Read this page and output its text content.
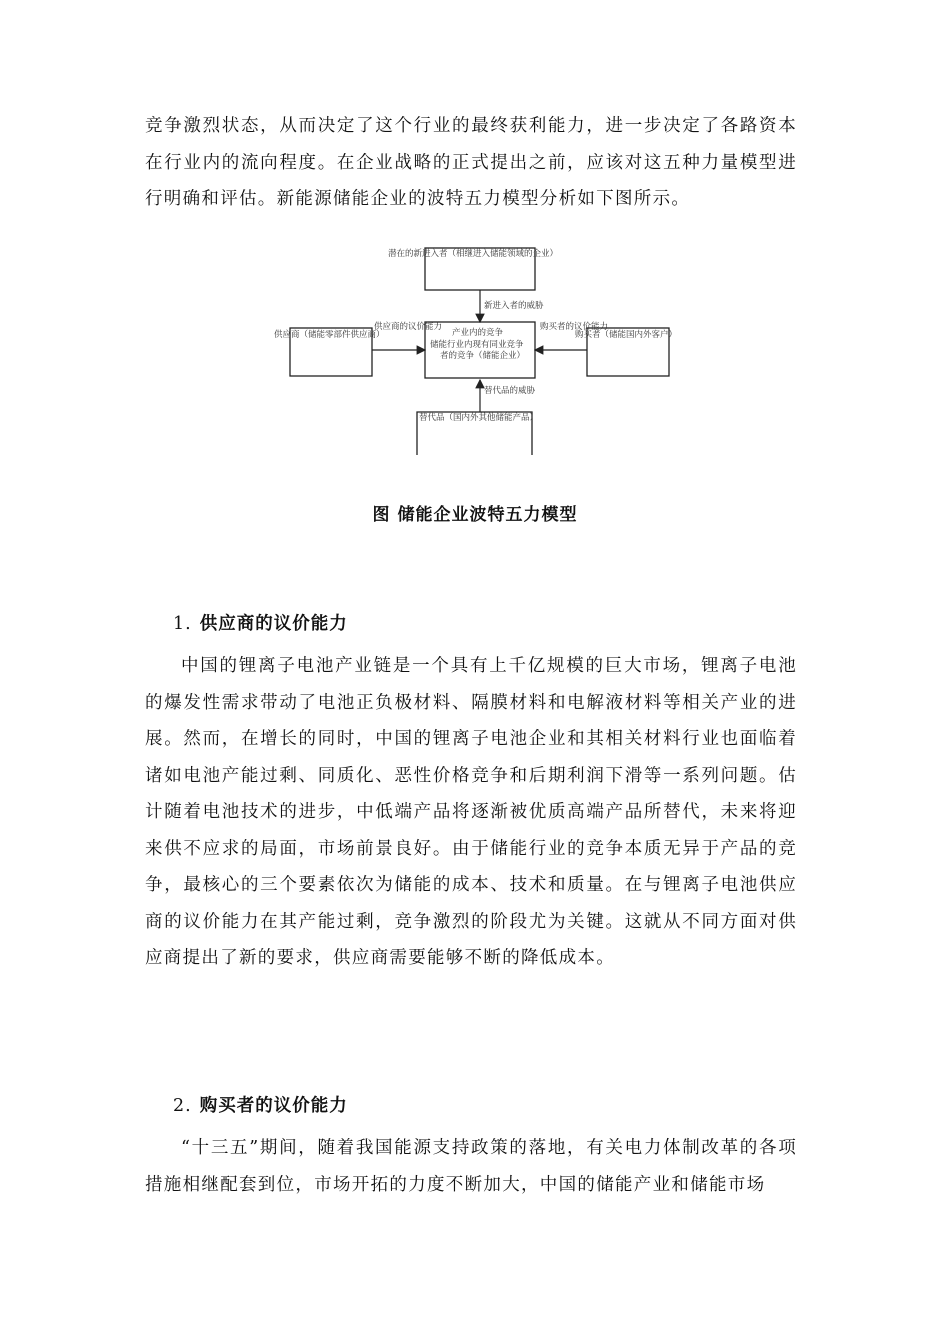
竞争激烈状态，从而决定了这个行业的最终获利能力，进一步决定了各路资本在行业内的流向程度。在企业战略的正式提出之前，应该对这五种力量模型进行明确和评估。新能源储能企业的波特五力模型分析如下图所示。

潜在的新进入者（相继进入储能领域的企业）
新进入者的威胁
产业内的竞争
储能行业内现有同业竞争
者的竞争（储能企业）
供应商（储能零部件供应商）
供应商的议价能力
购买者（储能国内外客户）
购买者的议价能力
替代品的威胁
替代品（国内外其他储能产品）
图 储能企业波特五力模型
1. 供应商的议价能力

中国的锂离子电池产业链是一个具有上千亿规模的巨大市场，锂离子电池的爆发性需求带动了电池正负极材料、隔膜材料和电解液材料等相关产业的进展。然而，在增长的同时，中国的锂离子电池企业和其相关材料行业也面临着诸如电池产能过剩、同质化、恶性价格竞争和后期利润下滑等一系列问题。估计随着电池技术的进步，中低端产品将逐渐被优质高端产品所替代，未来将迎来供不应求的局面，市场前景良好。由于储能行业的竞争本质无异于产品的竞争，最核心的三个要素依次为储能的成本、技术和质量。在与锂离子电池供应商的议价能力在其产能过剩，竞争激烈的阶段尤为关键。这就从不同方面对供应商提出了新的要求，供应商需要能够不断的降低成本。

2. 购买者的议价能力

“十三五”期间，随着我国能源支持政策的落地，有关电力体制改革的各项措施相继配套到位，市场开拓的力度不断加大，中国的储能产业和储能市场
